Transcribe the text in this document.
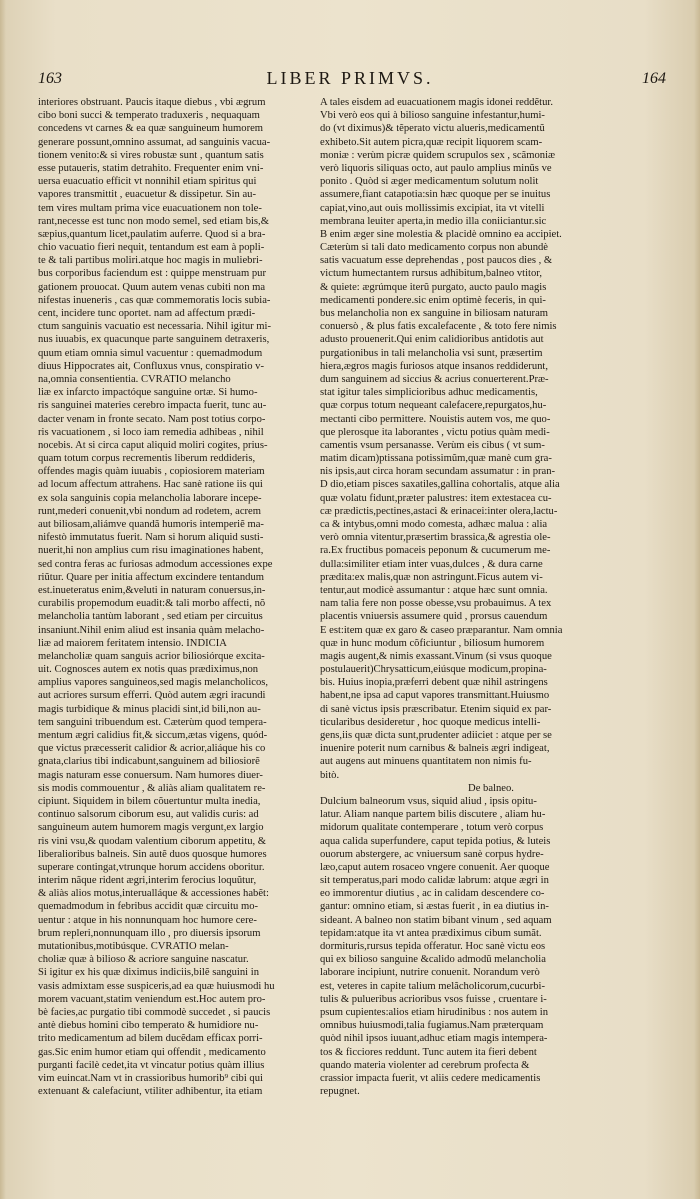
163	LIBER PRIMVS.	164
interiores obstruant. Paucis itaque diebus , vbi ægrum
cibo boni succi & temperato traduxeris , nequaquam
concedens vt carnes & ea quæ sanguineum humorem
generare possunt,omnino assumat, ad sanguinis vacua-
tionem venito:& si vires robustæ sunt , quantum satis
esse putaueris, statim detrahito. Frequenter enim vni-
uersa euacuatio efficit vt nonnihil etiam spiritus qui
vapores transmittit , euacuetur & dissipetur. Sin au-
tem vires multam prima vice euacuationem non tole-
rant,necesse est tunc non modo semel, sed etiam bis,&
sæpius,quantum licet,paulatim auferre. Quod si a bra-
chio vacuatio fieri nequit, tentandum est eam à popli-
te & tali partibus moliri.atque hoc magis in muliebri-
bus corporibus faciendum est : quippe menstruam pur
gationem prouocat. Quum autem venas cubiti non ma
nifestas inueneris , cas quæ commemoratis locis subia-
cent, incidere tunc oportet. nam ad affectum prædi-
ctum sanguinis vacuatio est necessaria. Nihil igitur mi-
nus iuuabis, ex quacunque parte sanguinem detraxeris,
quum etiam omnia simul vacuentur : quemadmodum
diuus Hippocrates ait, Confluxus vnus, conspiratio v-
na,omnia consentientia. CVRATIO melancho
liæ ex infarcto impactóque sanguine ortæ. Si humo-
ris sanguinei materies cerebro impacta fuerit, tunc au-
dacter venam in fronte secato. Nam post totius corpo-
ris vacuationem , si loco iam remedia adhibeas , nihil
nocebis. At si circa caput aliquid moliri cogites, prius-
quam totum corpus recrementis liberum reddideris,
offendes magis quàm iuuabis , copiosiorem materiam
ad locum affectum attrahens. Hac sanè ratione iis qui
ex sola sanguinis copia melancholia laborare incepe-
runt,mederi conuenit,vbi nondum ad rodetem, acrem
aut biliosam,aliámve quandã humoris intemperiẽ ma-
nifestò immutatus fuerit. Nam si horum aliquid susti-
nuerit,hi non amplius cum risu imaginationes habent,
sed contra feras ac furiosas admodum accessiones expe
riũtur. Quare per initia affectum excindere tentandum
est.inueteratus enim,&veluti in naturam conuersus,in-
curabilis propemodum euadit:& tali morbo affecti, nõ
melancholia tantùm laborant , sed etiam per circuitus
insaniunt.Nihil enim aliud est insania quàm melacho-
liæ ad maiorem feritatem intensio. INDICIA
melancholiæ quam sanguis acrior biliosiórque excita-
uit. Cognosces autem ex notis quas prædiximus,non
amplius vapores sanguineos,sed magis melancholicos,
aut acriores sursum efferri. Quòd autem ægri iracundi
magis turbidique & minus placidi sint,id bili,non au-
tem sanguini tribuendum est. Cæterùm quod tempera-
mentum ægri calidius fit,& siccum,ætas vigens, quód-
que victus præcesserit calidior & acrior,aliáque his co
gnata,clarius tibi indicabunt,sanguinem ad biliosiorẽ
magis naturam esse conuersum. Nam humores diuer-
sis modis commouentur , & aliàs aliam qualitatem re-
cipiunt. Siquidem in bilem cõuertuntur multa inedia,
continuo salsorum ciborum esu, aut validis curis: ad
sanguineum autem humorem magis vergunt,ex largio
ris vini vsu,& quodam valentium ciborum appetitu, &
liberalioribus balneis. Sin autẽ duos quosque humores
superare contingat,vtrunque horum accidens oboritur.
interim nãque rident ægri,interim ferocius loquũtur,
& aliàs alios motus,interualláque & accessiones habẽt:
quemadmodum in febribus accidit quæ circuitu mo-
uentur : atque in his nonnunquam hoc humore cere-
brum repleri,nonnunquam illo , pro diuersis ipsorum
mutationibus,motibúsque. CVRATIO melan-
choliæ quæ à bilioso & acriore sanguine nascatur.
Si igitur ex his quæ diximus indiciis,bilẽ sanguini in
vasis admixtam esse suspiceris,ad ea quæ huiusmodi hu
morem vacuant,statim veniendum est.Hoc autem pro-
bè facies,ac purgatio tibi commodè succedet , si paucis
antè diebus homini cibo temperato & humidiore nu-
trito medicamentum ad bilem ducẽdam efficax porri-
gas.Sic enim humor etiam qui offendit , medicamento
purganti facilè cedet,ita vt vincatur potius quàm illius
vim euincat.Nam vt in crassioribus humorib⁹ cibi qui
extenuant & calefaciunt, vtiliter adhibentur, ita etiam
A tales eisdem ad euacuationem magis idonei reddẽtur.
Vbi verò eos qui à bilioso sanguine infestantur,humi-
do (vt diximus)& tẽperato victu alueris,medicamentũ
exhibeto.Sit autem picra,quæ recipit liquorem scam-
moniæ : verùm picræ quidem scrupulos sex , scãmoniæ
verò liquoris siliquas octo, aut paulo amplius minũs ve
ponito . Quòd si æger medicamentum solutum nolit
assumere,fiant catapotia:sin hæc quoque per se inuitus
capiat,vino,aut ouis mollissimis excipiat, ita vt vitelli
membrana leuiter aperta,in medio illa coniiciantur.sic
B enim æger sine molestia & placidè omnino ea accipiet.
Cæterùm si tali dato medicamento corpus non abundè
satis vacuatum esse deprehendas , post paucos dies , &
victum humectantem rursus adhibitum,balneo vtitor,
& quiete: ægrúmque iterũ purgato, aucto paulo magis
medicamenti pondere.sic enim optimè feceris, in qui-
bus melancholia non ex sanguine in biliosam naturam
conuersò , & plus fatis excalefacente , & toto fere nimis
adusto prouenerit.Qui enim calidioribus antidotis aut
purgationibus in tali melancholia vsi sunt, præsertim
hiera,ægros magis furiosos atque insanos reddiderunt,
dum sanguinem ad siccius & acrius conuerterent.Præ-
stat igitur tales simplicioribus adhuc medicamentis,
quæ corpus totum nequeant calefacere,repurgatos,hu-
mectanti cibo permittere. Nouistis autem vos, me quo-
que plerosque ita laborantes , victu potius quàm medi-
camentis vsum persanasse. Verùm eis cibus ( vt sum-
matim dicam)ptissana potissimũm,quæ manè cum gra-
nis ipsis,aut circa horam secundam assumatur : in pran-
D dio,etiam pisces saxatiles,gallina cohortalis, atque alia
quæ volatu fidunt,præter palustres: item extestacea cu-
cæ prædictis,pectines,astaci & erinacei:inter olera,lactu-
ca & intybus,omni modo comesta, adhæc malua : alia
verò omnia vitentur,præsertim brassica,& agrestia ole-
ra.Ex fructibus pomaceis peponum & cucumerum me-
dulla:similiter etiam inter vuas,dulces , & dura carne
prædita:ex malis,quæ non astringunt.Ficus autem vi-
tentur,aut modicè assumantur : atque hæc sunt omnia.
nam talia fere non posse obesse,vsu probauimus. A tex
placentis vniuersis assumere quid , prorsus cauendum
E est:item quæ ex garo & caseo præparantur. Nam omnia
quæ in hunc modum cõficiuntur , biliosum humorem
magis augent,& nimis exassant.Vinum (si vsus quoque
postulauerit)Chrysatticum,eiúsque modicum,propina-
bis. Huius inopia,præferri debent quæ nihil astringens
habent,ne ipsa ad caput vapores transmittant.Huiusmo
di sanè victus ipsis præscribatur. Etenim siquid ex par-
ticularibus desideretur , hoc quoque medicus intelli-
gens,iis quæ dicta sunt,prudenter adiiciet : atque per se
inuenire poterit num carnibus & balneis ægri indigeat,
aut augens aut minuens quantitatem non nimis fu-
bitò.
De balneo.
Dulcium balneorum vsus, siquid aliud , ipsis opitu-
latur. Aliam nanque partem bilis discutere , aliam hu-
midorum qualitate contemperare , totum verò corpus
aqua calida superfundere, caput tepida potius, & luteis
ouorum abstergere, ac vniuersum sanè corpus hydre-
læo,caput autem rosaceo vngere conuenit. Aer quoque
sit temperatus,pari modo calidæ labrum: atque ægri in
eo immorentur diutius , ac in calidam descendere co-
gantur: omnino etiam, si æstas fuerit , in ea diutius in-
sideant. A balneo non statim bibant vinum , sed aquam
tepidam:atque ita vt antea prædiximus cibum sumãt.
dormituris,rursus tepida offeratur. Hoc sanè victu eos
qui ex bilioso sanguine &calido admodũ melancholia
laborare incipiunt, nutrire conuenit. Norandum verò
est, veteres in capite talium melãcholicorum,cucurbi-
tulis & pulueribus acrioribus vsos fuisse , cruentare i-
psum cupientes:alios etiam hirudinibus : nos autem in
omnibus huiusmodi,talia fugiamus.Nam præterquam
quòd nihil ipsos iuuant,adhuc etiam magis intempera-
tos & ficciores reddunt. Tunc autem ita fieri debent
quando materia violenter ad cerebrum profecta &
crassior impacta fuerit, vt aliis cedere medicamentis
repugnet.
